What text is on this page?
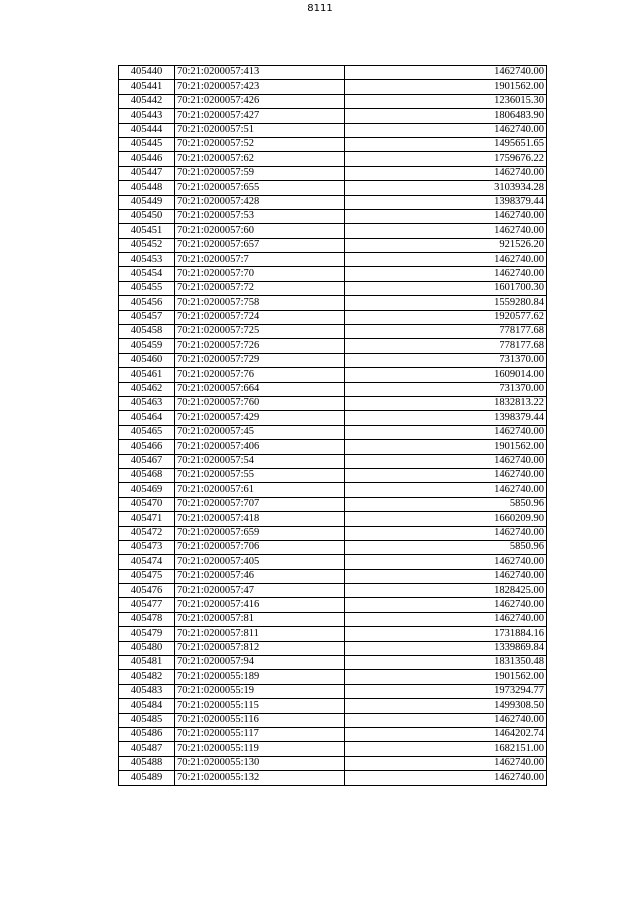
8111
405440	70:21:0200057:413	1462740.00
405441	70:21:0200057:423	1901562.00
405442	70:21:0200057:426	1236015.30
405443	70:21:0200057:427	1806483.90
405444	70:21:0200057:51	1462740.00
405445	70:21:0200057:52	1495651.65
405446	70:21:0200057:62	1759676.22
405447	70:21:0200057:59	1462740.00
405448	70:21:0200057:655	3103934.28
405449	70:21:0200057:428	1398379.44
405450	70:21:0200057:53	1462740.00
405451	70:21:0200057:60	1462740.00
405452	70:21:0200057:657	921526.20
405453	70:21:0200057:7	1462740.00
405454	70:21:0200057:70	1462740.00
405455	70:21:0200057:72	1601700.30
405456	70:21:0200057:758	1559280.84
405457	70:21:0200057:724	1920577.62
405458	70:21:0200057:725	778177.68
405459	70:21:0200057:726	778177.68
405460	70:21:0200057:729	731370.00
405461	70:21:0200057:76	1609014.00
405462	70:21:0200057:664	731370.00
405463	70:21:0200057:760	1832813.22
405464	70:21:0200057:429	1398379.44
405465	70:21:0200057:45	1462740.00
405466	70:21:0200057:406	1901562.00
405467	70:21:0200057:54	1462740.00
405468	70:21:0200057:55	1462740.00
405469	70:21:0200057:61	1462740.00
405470	70:21:0200057:707	5850.96
405471	70:21:0200057:418	1660209.90
405472	70:21:0200057:659	1462740.00
405473	70:21:0200057:706	5850.96
405474	70:21:0200057:405	1462740.00
405475	70:21:0200057:46	1462740.00
405476	70:21:0200057:47	1828425.00
405477	70:21:0200057:416	1462740.00
405478	70:21:0200057:81	1462740.00
405479	70:21:0200057:811	1731884.16
405480	70:21:0200057:812	1339869.84
405481	70:21:0200057:94	1831350.48
405482	70:21:0200055:189	1901562.00
405483	70:21:0200055:19	1973294.77
405484	70:21:0200055:115	1499308.50
405485	70:21:0200055:116	1462740.00
405486	70:21:0200055:117	1464202.74
405487	70:21:0200055:119	1682151.00
405488	70:21:0200055:130	1462740.00
405489	70:21:0200055:132	1462740.00
